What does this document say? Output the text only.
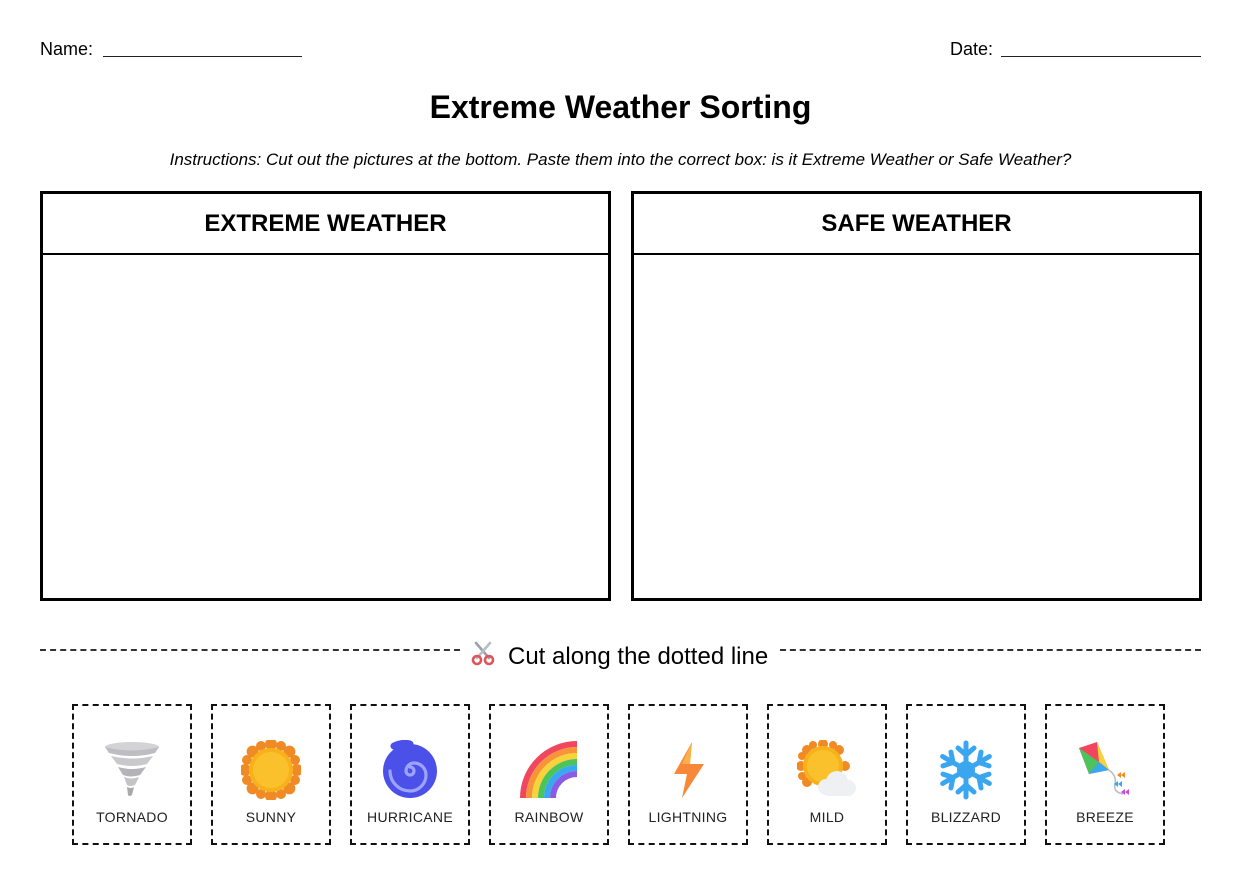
Name:	Date:
Extreme Weather Sorting
Instructions: Cut out the pictures at the bottom. Paste them into the correct box: is it Extreme Weather or Safe Weather?
EXTREME WEATHER	SAFE WEATHER
Cut along the dotted line
TORNADO	SUNNY	HURRICANE	RAINBOW	LIGHTNING	MILD	BLIZZARD	BREEZE
